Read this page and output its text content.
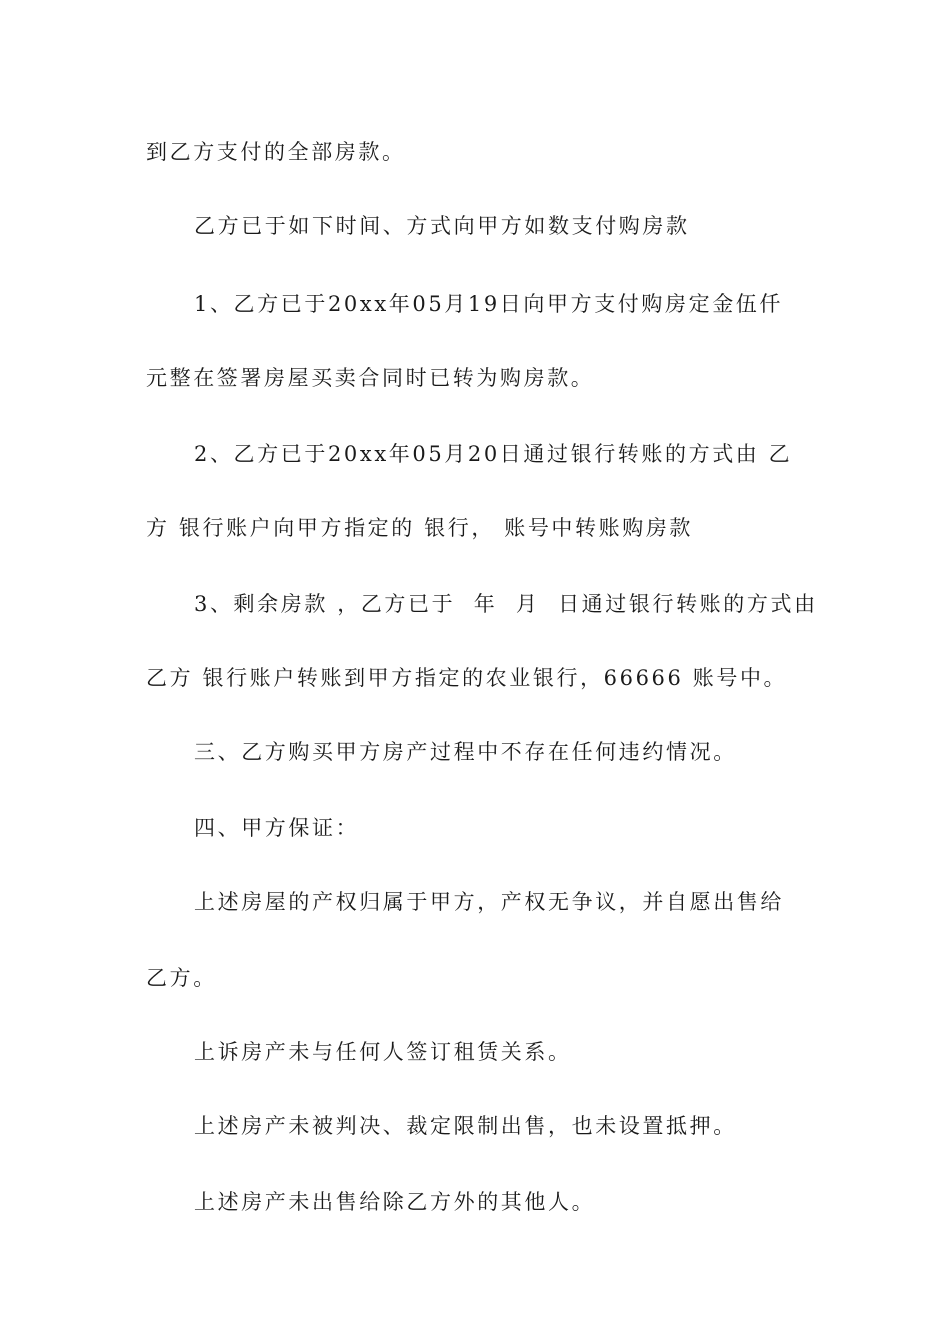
到乙方支付的全部房款。

乙方已于如下时间、方式向甲方如数支付购房款

1、乙方已于20xx年05月19日向甲方支付购房定金伍仟

元整在签署房屋买卖合同时已转为购房款。

2、乙方已于20xx年05月20日通过银行转账的方式由 乙

方 银行账户向甲方指定的 银行， 账号中转账购房款

3、剩余房款 ，乙方已于  年  月  日通过银行转账的方式由

乙方 银行账户转账到甲方指定的农业银行，66666 账号中。

三、乙方购买甲方房产过程中不存在任何违约情况。

四、甲方保证：

上述房屋的产权归属于甲方，产权无争议，并自愿出售给

乙方。

上诉房产未与任何人签订租赁关系。

上述房产未被判决、裁定限制出售，也未设置抵押。

上述房产未出售给除乙方外的其他人。
